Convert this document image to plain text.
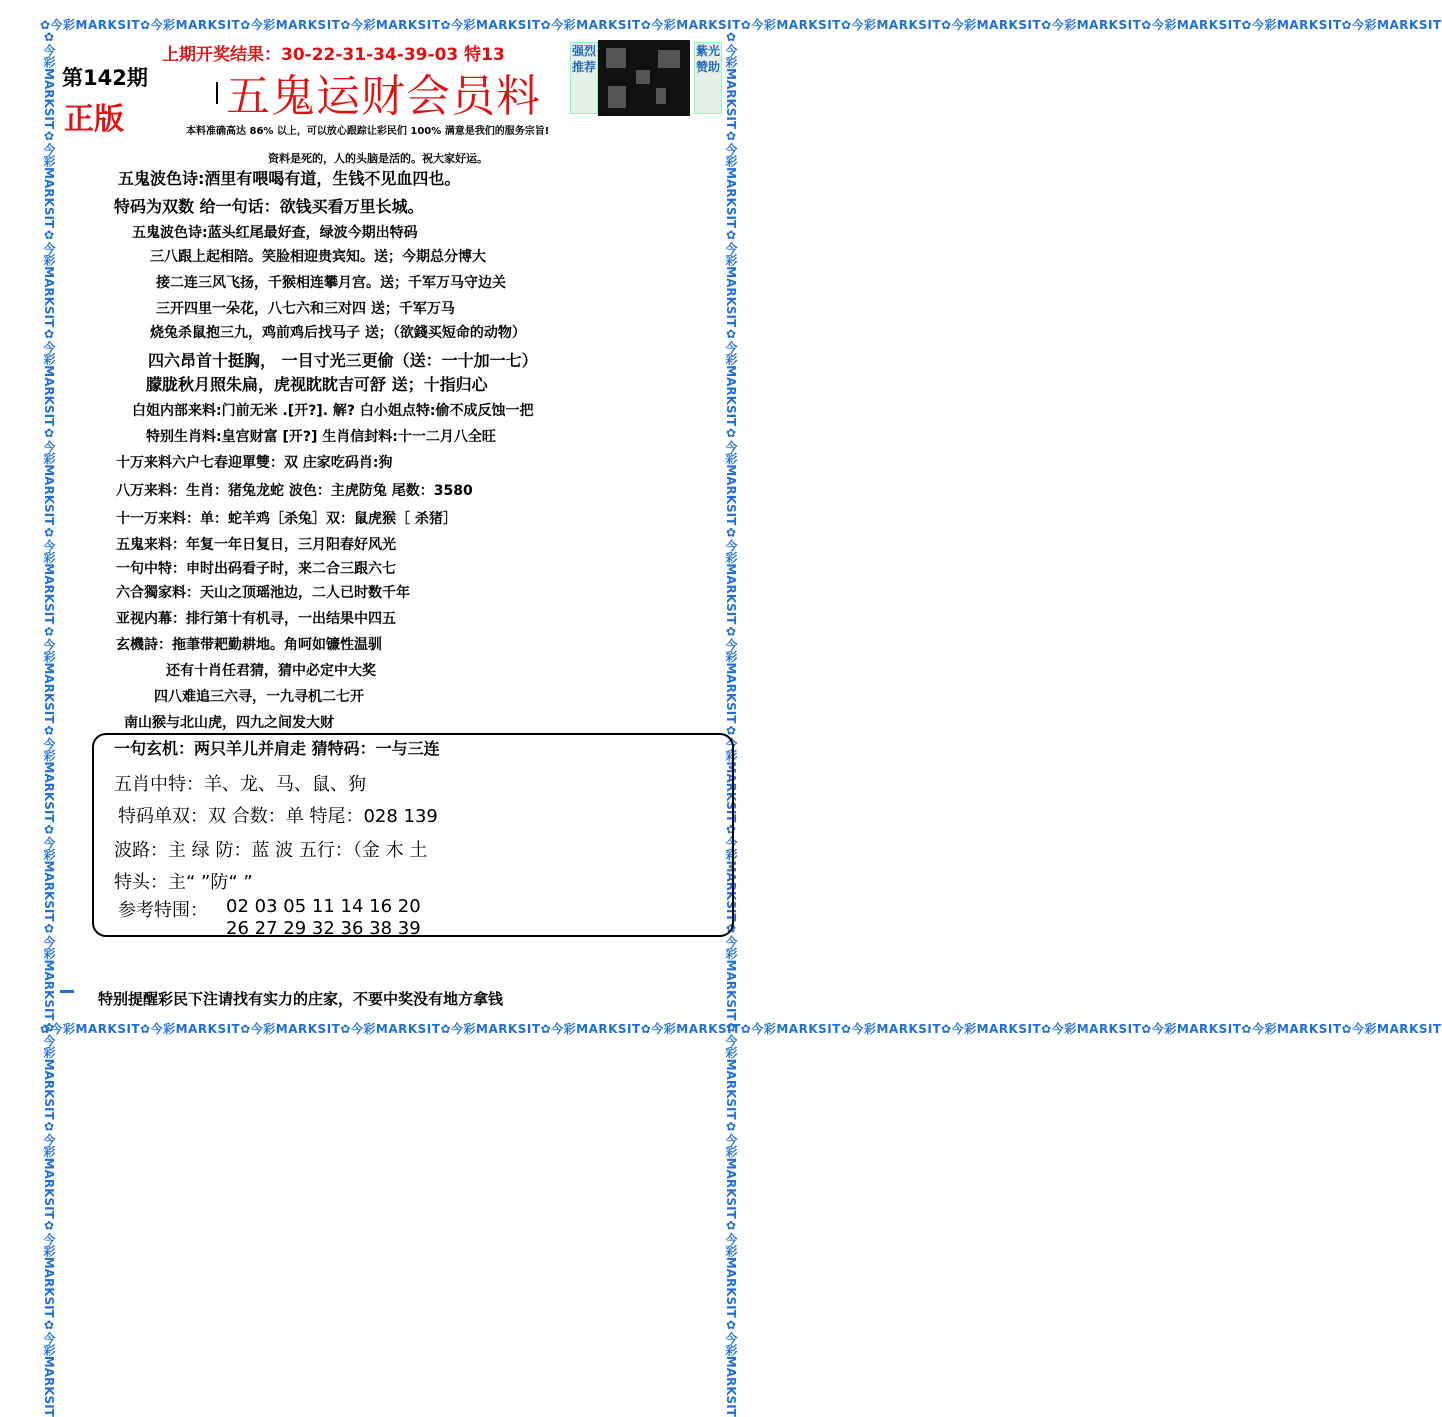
✿今彩MARKSIT✿今彩MARKSIT✿今彩MARKSIT✿今彩MARKSIT✿今彩MARKSIT✿今彩MARKSIT✿今彩MARKSIT✿今彩MARKSIT✿今彩MARKSIT✿今彩MARKSIT✿今彩MARKSIT✿今彩MARKSIT✿今彩MARKSIT✿今彩MARKSIT
✿今彩MARKSIT✿今彩MARKSIT✿今彩MARKSIT✿今彩MARKSIT✿今彩MARKSIT✿今彩MARKSIT✿今彩MARKSIT✿今彩MARKSIT✿今彩MARKSIT✿今彩MARKSIT✿今彩MARKSIT✿今彩MARKSIT✿今彩MARKSIT✿今彩MARKSIT
✿今彩MARKSIT✿今彩MARKSIT✿今彩MARKSIT✿今彩MARKSIT✿今彩MARKSIT✿今彩MARKSIT✿今彩MARKSIT✿今彩MARKSIT✿今彩MARKSIT✿今彩MARKSIT✿今彩MARKSIT✿今彩MARKSIT✿今彩MARKSIT✿今彩MARKSIT	✿今彩MARKSIT✿今彩MARKSIT✿今彩MARKSIT✿今彩MARKSIT✿今彩MARKSIT✿今彩MARKSIT✿今彩MARKSIT✿今彩MARKSIT✿今彩MARKSIT✿今彩MARKSIT✿今彩MARKSIT✿今彩MARKSIT✿今彩MARKSIT✿今彩MARKSIT
上期开奖结果：30-22-31-34-39-03 特13
第142期
正版 五鬼运财会员料
强烈推荐
紫光赞助
本料准确高达 86% 以上，可以放心跟踪让彩民们 100% 满意是我们的服务宗旨!
资料是死的，人的头脑是活的。祝大家好运。
五鬼波色诗:酒里有喂喝有道，生钱不见血四也。
特码为双数 给一句话：欲钱买看万里长城。
五鬼波色诗:蓝头红尾最好查，绿波今期出特码
三八跟上起相陪。笑脸相迎贵宾知。送；今期总分博大
接二连三风飞扬，千猴相连攀月宫。送；千军万马守边关
三开四里一朵花，八七六和三对四 送；千军万马
烧兔杀鼠抱三九，鸡前鸡后找马子 送；（欲錢买短命的动物）
四六昂首十挺胸， 一目寸光三更偷（送：一十加一七）
朦胧秋月照朱扁，虎视眈眈吉可舒 送；十指归心
白姐内部来料:门前无米 .[开?]. 解? 白小姐点特:偷不成反蚀一把
特别生肖料:皇宫财富 [开?] 生肖信封料:十一二月八全旺
十万来料六户七春迎單雙：双 庄家吃码肖:狗
八万来料：生肖：猪兔龙蛇 波色：主虎防兔 尾数：3580
十一万来料：单：蛇羊鸡［杀兔］双：鼠虎猴［ 杀猪］
五鬼来料：年复一年日复日，三月阳春好风光
一句中特：申时出码看子时，来二合三跟六七
六合獨家料：天山之顶瑶池边，二人已时数千年
亚视内幕：排行第十有机寻，一出结果中四五
玄機詩：拖茟带耙勤耕地。角呵如镰性温驯
还有十肖任君猜，猜中必定中大奖
四八难追三六寻，一九寻机二七开
南山猴与北山虎，四九之间发大财
一句玄机：两只羊儿并肩走 猜特码：一与三连
五肖中特：羊、龙、马、鼠、狗
特码单双：双 合数：单 特尾：028 139
波路：主 绿 防：蓝 波 五行：（金 木 土
特头：主“ ”防“ ”
参考特围： 02 03 05 11 14 16 20
26 27 29 32 36 38 39
特别提醒彩民下注请找有实力的庄家，不要中奖没有地方拿钱
